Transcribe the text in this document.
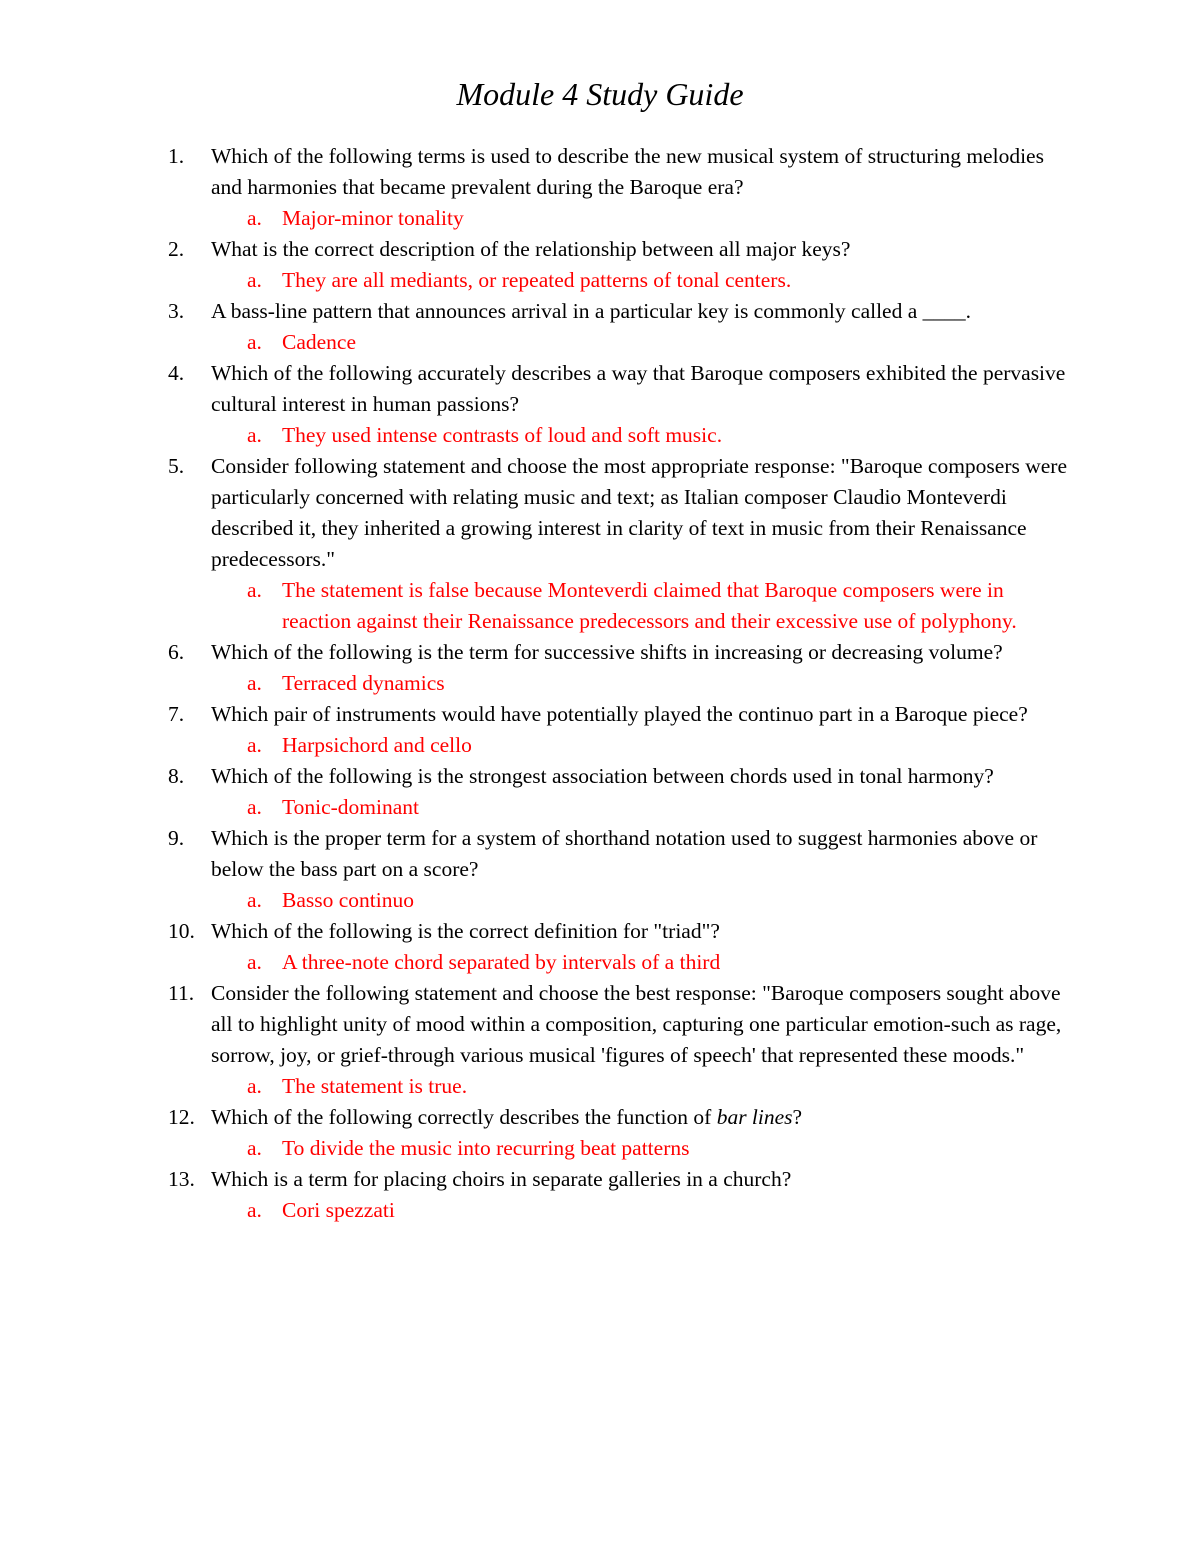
Module 4 Study Guide
1.	Which of the following terms is used to describe the new musical system of structuring melodies and harmonies that became prevalent during the Baroque era?
a. Major-minor tonality
2.	What is the correct description of the relationship between all major keys?
a. They are all mediants, or repeated patterns of tonal centers.
3.	A bass-line pattern that announces arrival in a particular key is commonly called a ____.
a. Cadence
4.	Which of the following accurately describes a way that Baroque composers exhibited the pervasive cultural interest in human passions?
a. They used intense contrasts of loud and soft music.
5.	Consider following statement and choose the most appropriate response: "Baroque composers were particularly concerned with relating music and text; as Italian composer Claudio Monteverdi described it, they inherited a growing interest in clarity of text in music from their Renaissance predecessors."
a. The statement is false because Monteverdi claimed that Baroque composers were in reaction against their Renaissance predecessors and their excessive use of polyphony.
6.	Which of the following is the term for successive shifts in increasing or decreasing volume?
a. Terraced dynamics
7.	Which pair of instruments would have potentially played the continuo part in a Baroque piece?
a. Harpsichord and cello
8.	Which of the following is the strongest association between chords used in tonal harmony?
a. Tonic-dominant
9.	Which is the proper term for a system of shorthand notation used to suggest harmonies above or below the bass part on a score?
a. Basso continuo
10. Which of the following is the correct definition for "triad"?
a. A three-note chord separated by intervals of a third
11. Consider the following statement and choose the best response: "Baroque composers sought above all to highlight unity of mood within a composition, capturing one particular emotion-such as rage, sorrow, joy, or grief-through various musical 'figures of speech' that represented these moods."
a. The statement is true.
12. Which of the following correctly describes the function of bar lines?
a. To divide the music into recurring beat patterns
13. Which is a term for placing choirs in separate galleries in a church?
a. Cori spezzati
